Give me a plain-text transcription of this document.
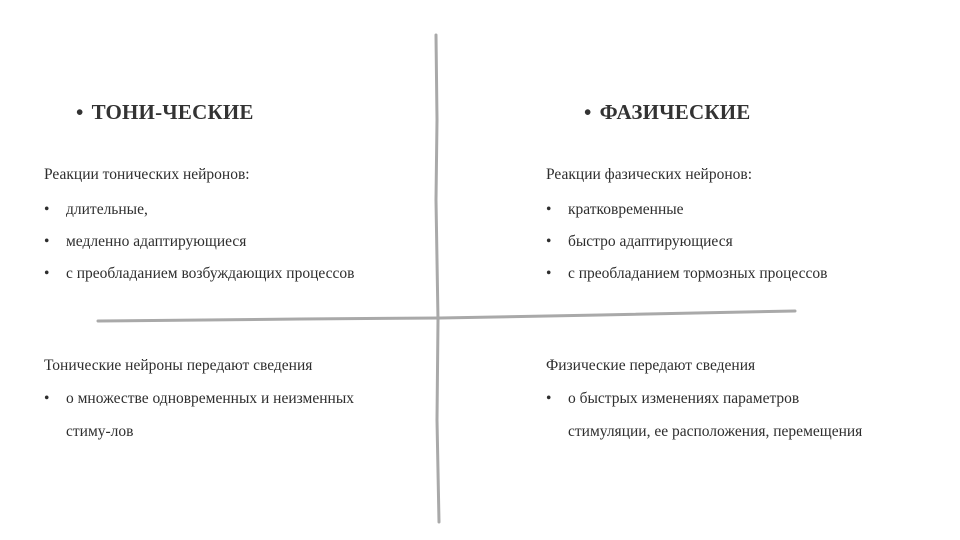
• ТОНИ-ЧЕСКИЕ	• ФАЗИЧЕСКИЕ
Реакции тонических нейронов:
• длительные,
• медленно адаптирующиеся
• с преобладанием возбуждающих процессов
Реакции фазических нейронов:
• кратковременные
• быстро адаптирующиеся
• с преобладанием тормозных процессов
Тонические нейроны передают сведения
• о множестве одновременных и неизменных
стиму-лов
Физические передают сведения
• о быстрых изменениях параметров
стимуляции, ее расположения, перемещения
